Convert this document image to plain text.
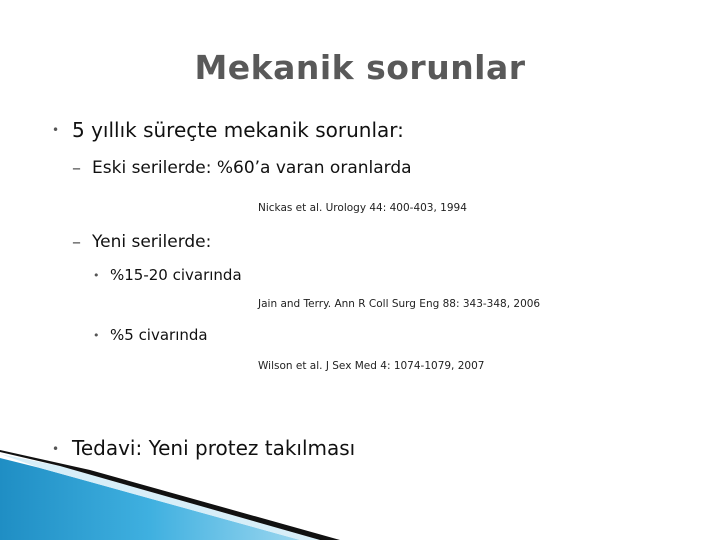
Mekanik sorunlar
• 5 yıllık süreçte mekanik sorunlar:
– Eski serilerde: %60’a varan oranlarda
Nickas et al. Urology 44: 400-403, 1994
– Yeni serilerde:
• %15-20 civarında
Jain and Terry. Ann R Coll Surg Eng 88: 343-348, 2006
• %5 civarında
Wilson et al. J Sex Med 4: 1074-1079, 2007
• Tedavi: Yeni protez takılması
